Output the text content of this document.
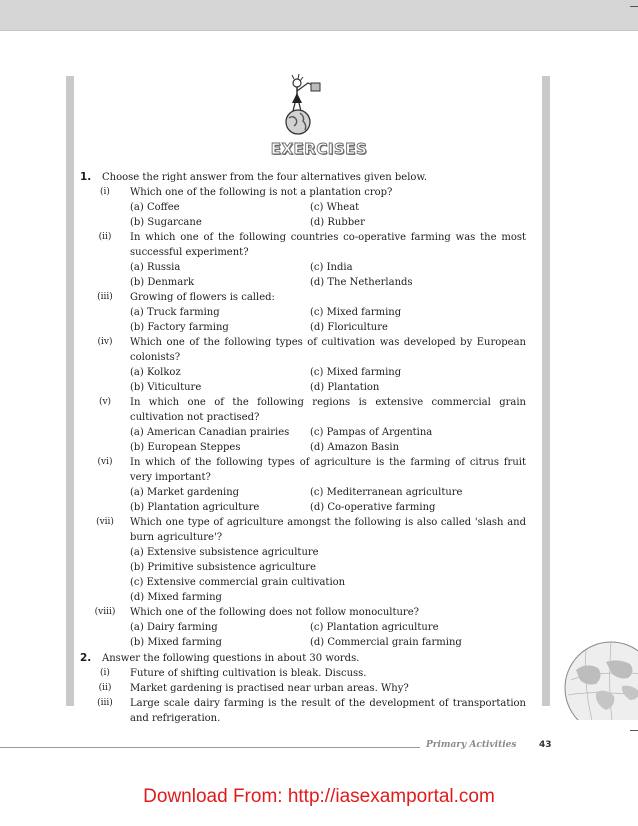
EXERCISES
1.	Choose the right answer from the four alternatives given below.
(i)	Which one of the following is not a plantation crop?
(a) Coffee	(c) Wheat
(b) Sugarcane	(d) Rubber
(ii)	In which one of the following countries co-operative farming was the most successful experiment?
(a) Russia	(c) India
(b) Denmark	(d) The Netherlands
(iii)	Growing of flowers is called:
(a) Truck farming	(c) Mixed farming
(b) Factory farming	(d) Floriculture
(iv)	Which one of the following types of cultivation was developed by European colonists?
(a) Kolkoz	(c) Mixed farming
(b) Viticulture	(d) Plantation
(v)	In which one of the following regions is extensive commercial grain cultivation not practised?
(a) American Canadian prairies	(c) Pampas of Argentina
(b) European Steppes	(d) Amazon Basin
(vi)	In which of the following types of agriculture is the farming of citrus fruit very important?
(a) Market gardening	(c) Mediterranean agriculture
(b) Plantation agriculture	(d) Co-operative farming
(vii)	Which one type of agriculture amongst the following is also called 'slash and burn agriculture'?
(a) Extensive subsistence agriculture
(b) Primitive subsistence agriculture
(c) Extensive commercial grain cultivation
(d) Mixed farming
(viii)	Which one of the following does not follow monoculture?
(a) Dairy farming	(c) Plantation agriculture
(b) Mixed farming	(d) Commercial grain farming
2.	Answer the following questions in about 30 words.
(i)	Future of shifting cultivation is bleak. Discuss.
(ii)	Market gardening is practised near urban areas. Why?
(iii)	Large scale dairy farming is the result of the development of transportation and refrigeration.
Primary Activities	43
Download From: http://iasexamportal.com
